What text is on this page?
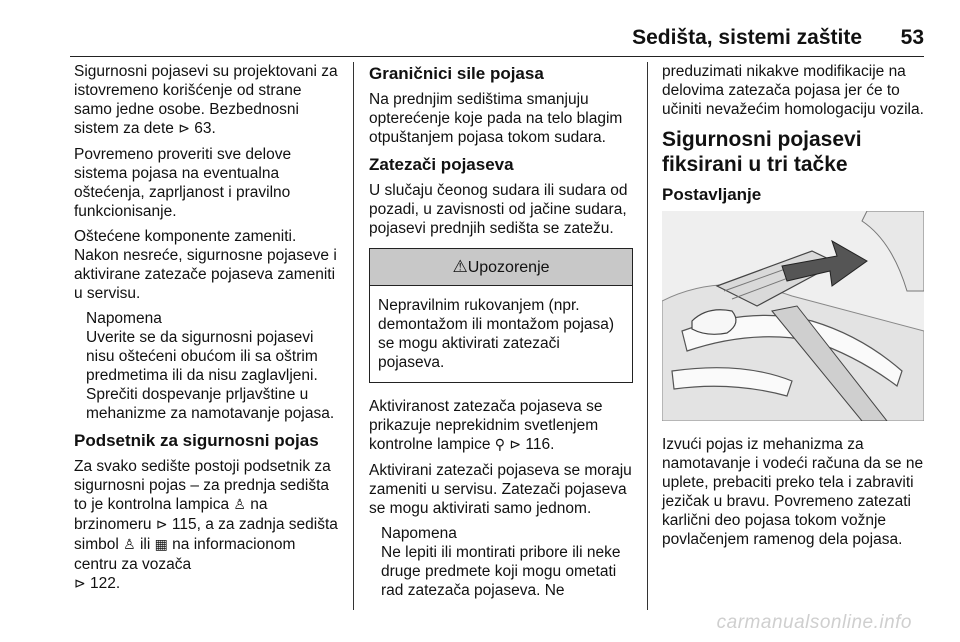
Sedišta, sistemi zaštite 53

Sigurnosni pojasevi su projektovani za istovremeno korišćenje od strane samo jedne osobe. Bezbednosni sistem za dete ⊳ 63.

Povremeno proveriti sve delove sistema pojasa na eventualna oštećenja, zaprljanost i pravilno funkcionisanje.

Oštećene komponente zameniti. Nakon nesreće, sigurnosne pojaseve i aktivirane zatezače pojaseva zameniti u servisu.

Napomena
Uverite se da sigurnosni pojasevi nisu oštećeni obućom ili sa oštrim predmetima ili da nisu zaglavljeni. Sprečiti dospevanje prljavštine u mehanizme za namotavanje pojasa.
Podsetnik za sigurnosni pojas

Za svako sedište postoji podsetnik za sigurnosni pojas – za prednja sedišta to je kontrolna lampica ♙ na brzinomeru ⊳ 115, a za zadnja sedišta simbol ♙ ili ▦ na informacionom centru za vozača
⊳ 122.

Graničnici sile pojasa

Na prednjim sedištima smanjuju opterećenje koje pada na telo blagim otpuštanjem pojasa tokom sudara.

Zatezači pojaseva

U slučaju čeonog sudara ili sudara od pozadi, u zavisnosti od jačine sudara, pojasevi prednjih sedišta se zatežu.

⚠ Upozorenje
Nepravilnim rukovanjem (npr. demontažom ili montažom pojasa) se mogu aktivirati zatezači pojaseva.

Aktiviranost zatezača pojaseva se prikazuje neprekidnim svetlenjem kontrolne lampice ⚲ ⊳ 116.

Aktivirani zatezači pojaseva se moraju zameniti u servisu. Zatezači pojaseva se mogu aktivirati samo jednom.

Napomena
Ne lepiti ili montirati pribore ili neke druge predmete koji mogu ometati rad zatezača pojaseva. Ne

preduzimati nikakve modifikacije na delovima zatezača pojasa jer će to učiniti nevažećim homologaciju vozila.

Sigurnosni pojasevi fiksirani u tri tačke
Postavljanje

Izvući pojas iz mehanizma za namotavanje i vodeći računa da se ne uplete, prebaciti preko tela i zabraviti jezičak u bravu. Povremeno zatezati karlični deo pojasa tokom vožnje povlačenjem ramenog dela pojasa.

carmanualsonline.info
